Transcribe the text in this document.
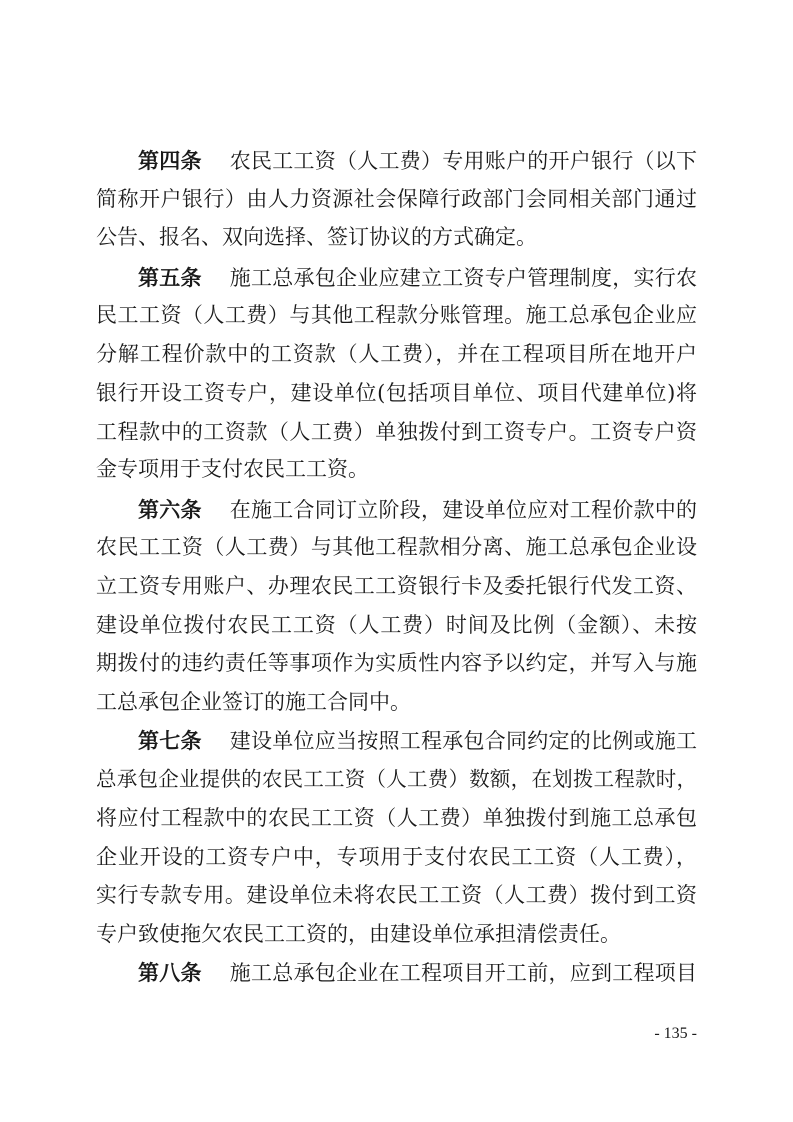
第四条 农民工工资（人工费）专用账户的开户银行（以下
简称开户银行）由人力资源社会保障行政部门会同相关部门通过
公告、报名、双向选择、签订协议的方式确定。
第五条 施工总承包企业应建立工资专户管理制度，实行农
民工工资（人工费）与其他工程款分账管理。施工总承包企业应
分解工程价款中的工资款（人工费），并在工程项目所在地开户
银行开设工资专户，建设单位(包括项目单位、项目代建单位)将
工程款中的工资款（人工费）单独拨付到工资专户。工资专户资
金专项用于支付农民工工资。
第六条 在施工合同订立阶段，建设单位应对工程价款中的
农民工工资（人工费）与其他工程款相分离、施工总承包企业设
立工资专用账户、办理农民工工资银行卡及委托银行代发工资、
建设单位拨付农民工工资（人工费）时间及比例（金额）、未按
期拨付的违约责任等事项作为实质性内容予以约定，并写入与施
工总承包企业签订的施工合同中。
第七条 建设单位应当按照工程承包合同约定的比例或施工
总承包企业提供的农民工工资（人工费）数额，在划拨工程款时，
将应付工程款中的农民工工资（人工费）单独拨付到施工总承包
企业开设的工资专户中，专项用于支付农民工工资（人工费），
实行专款专用。建设单位未将农民工工资（人工费）拨付到工资
专户致使拖欠农民工工资的，由建设单位承担清偿责任。
第八条 施工总承包企业在工程项目开工前，应到工程项目
- 135 -
